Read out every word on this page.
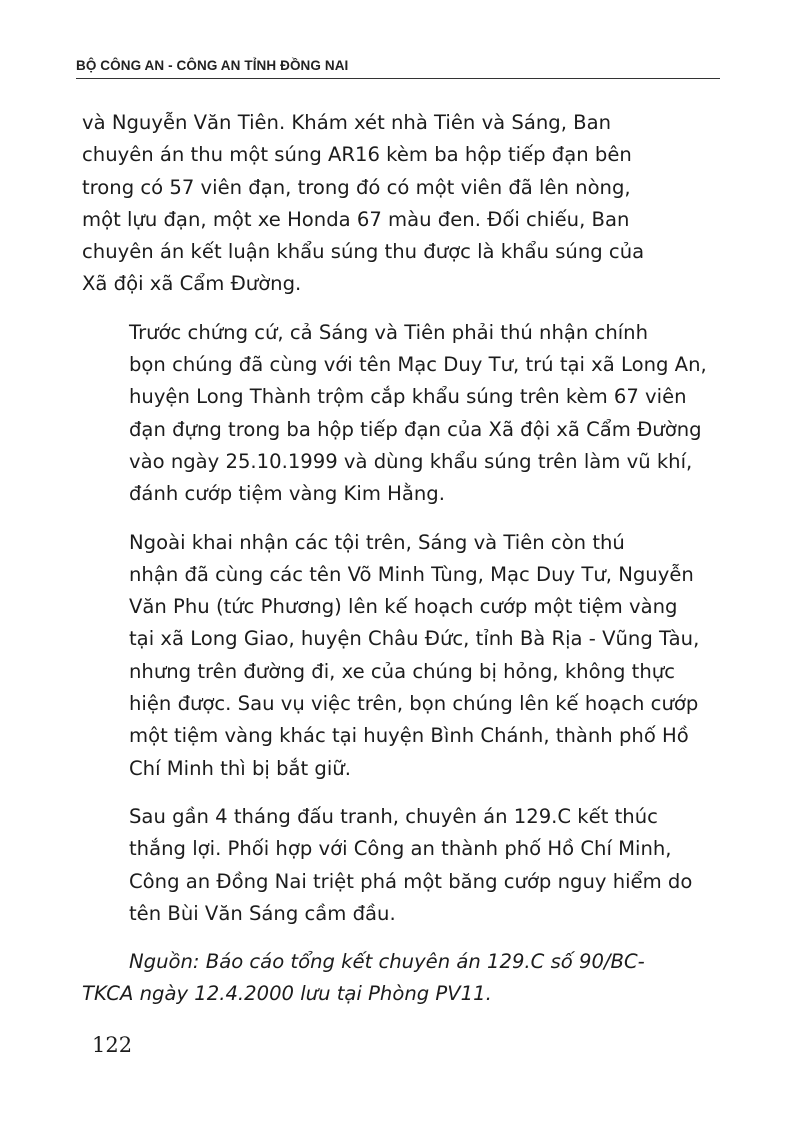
BỘ CÔNG AN - CÔNG AN TỈNH ĐỒNG NAI

và Nguyễn Văn Tiên. Khám xét nhà Tiên và Sáng, Ban
chuyên án thu một súng AR16 kèm ba hộp tiếp đạn bên
trong có 57 viên đạn, trong đó có một viên đã lên nòng,
một lựu đạn, một xe Honda 67 màu đen. Đối chiếu, Ban
chuyên án kết luận khẩu súng thu được là khẩu súng của
Xã đội xã Cẩm Đường.

Trước chứng cứ, cả Sáng và Tiên phải thú nhận chính
bọn chúng đã cùng với tên Mạc Duy Tư, trú tại xã Long An,
huyện Long Thành trộm cắp khẩu súng trên kèm 67 viên
đạn đựng trong ba hộp tiếp đạn của Xã đội xã Cẩm Đường
vào ngày 25.10.1999 và dùng khẩu súng trên làm vũ khí,
đánh cướp tiệm vàng Kim Hằng.

Ngoài khai nhận các tội trên, Sáng và Tiên còn thú
nhận đã cùng các tên Võ Minh Tùng, Mạc Duy Tư, Nguyễn
Văn Phu (tức Phương) lên kế hoạch cướp một tiệm vàng
tại xã Long Giao, huyện Châu Đức, tỉnh Bà Rịa - Vũng Tàu,
nhưng trên đường đi, xe của chúng bị hỏng, không thực
hiện được. Sau vụ việc trên, bọn chúng lên kế hoạch cướp
một tiệm vàng khác tại huyện Bình Chánh, thành phố Hồ
Chí Minh thì bị bắt giữ.

Sau gần 4 tháng đấu tranh, chuyên án 129.C kết thúc
thắng lợi. Phối hợp với Công an thành phố Hồ Chí Minh,
Công an Đồng Nai triệt phá một băng cướp nguy hiểm do
tên Bùi Văn Sáng cầm đầu.

Nguồn: Báo cáo tổng kết chuyên án 129.C số 90/BC-
TKCA ngày 12.4.2000 lưu tại Phòng PV11.

122
